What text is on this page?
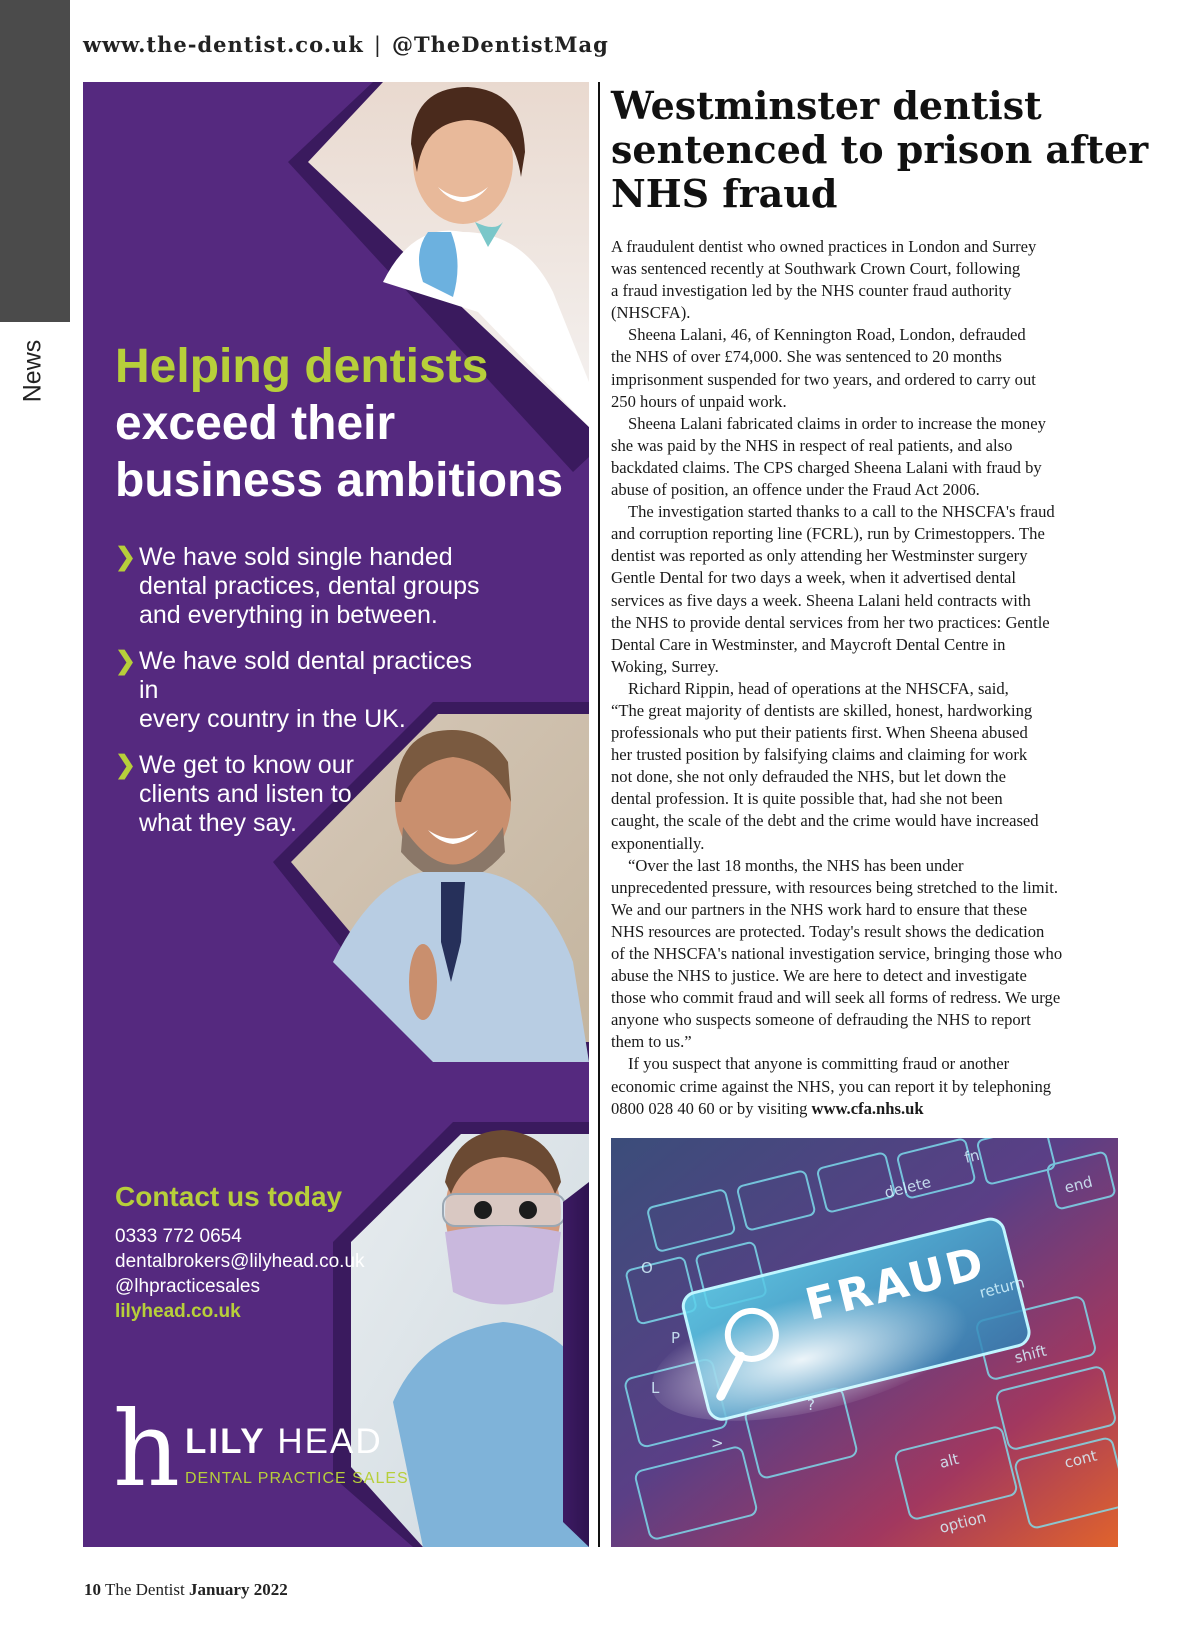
News
www.the-dentist.co.uk | @TheDentistMag
Helping dentists
exceed their
business ambitions
❯ We have sold single handed
dental practices, dental groups
and everything in between.
❯ We have sold dental practices in
every country in the UK.
❯ We get to know our
clients and listen to
what they say.
Contact us today
0333 772 0654
dentalbrokers@lilyhead.co.uk
@lhpracticesales
lilyhead.co.uk
h LILY HEAD
DENTAL PRACTICE SALES
Westminster dentist
sentenced to prison after
NHS fraud
A fraudulent dentist who owned practices in London and Surrey
was sentenced recently at Southwark Crown Court, following
a fraud investigation led by the NHS counter fraud authority
(NHSCFA).
Sheena Lalani, 46, of Kennington Road, London, defrauded
the NHS of over £74,000. She was sentenced to 20 months
imprisonment suspended for two years, and ordered to carry out
250 hours of unpaid work.
Sheena Lalani fabricated claims in order to increase the money
she was paid by the NHS in respect of real patients, and also
backdated claims. The CPS charged Sheena Lalani with fraud by
abuse of position, an offence under the Fraud Act 2006.
The investigation started thanks to a call to the NHSCFA's fraud
and corruption reporting line (FCRL), run by Crimestoppers. The
dentist was reported as only attending her Westminster surgery
Gentle Dental for two days a week, when it advertised dental
services as five days a week. Sheena Lalani held contracts with
the NHS to provide dental services from her two practices: Gentle
Dental Care in Westminster, and Maycroft Dental Centre in
Woking, Surrey.
Richard Rippin, head of operations at the NHSCFA, said,
“The great majority of dentists are skilled, honest, hardworking
professionals who put their patients first. When Sheena abused
her trusted position by falsifying claims and claiming for work
not done, she not only defrauded the NHS, but let down the
dental profession. It is quite possible that, had she not been
caught, the scale of the debt and the crime would have increased
exponentially.
“Over the last 18 months, the NHS has been under
unprecedented pressure, with resources being stretched to the limit.
We and our partners in the NHS work hard to ensure that these
NHS resources are protected. Today's result shows the dedication
of the NHSCFA's national investigation service, bringing those who
abuse the NHS to justice. We are here to detect and investigate
those who commit fraud and will seek all forms of redress. We urge
anyone who suspects someone of defrauding the NHS to report
them to us.”
If you suspect that anyone is committing fraud or another
economic crime against the NHS, you can report it by telephoning
0800 028 40 60 or by visiting www.cfa.nhs.uk
FRAUD
delete
return
shift
alt
option
cont
fn
end
?
P
O
L
>
10 The Dentist January 2022
